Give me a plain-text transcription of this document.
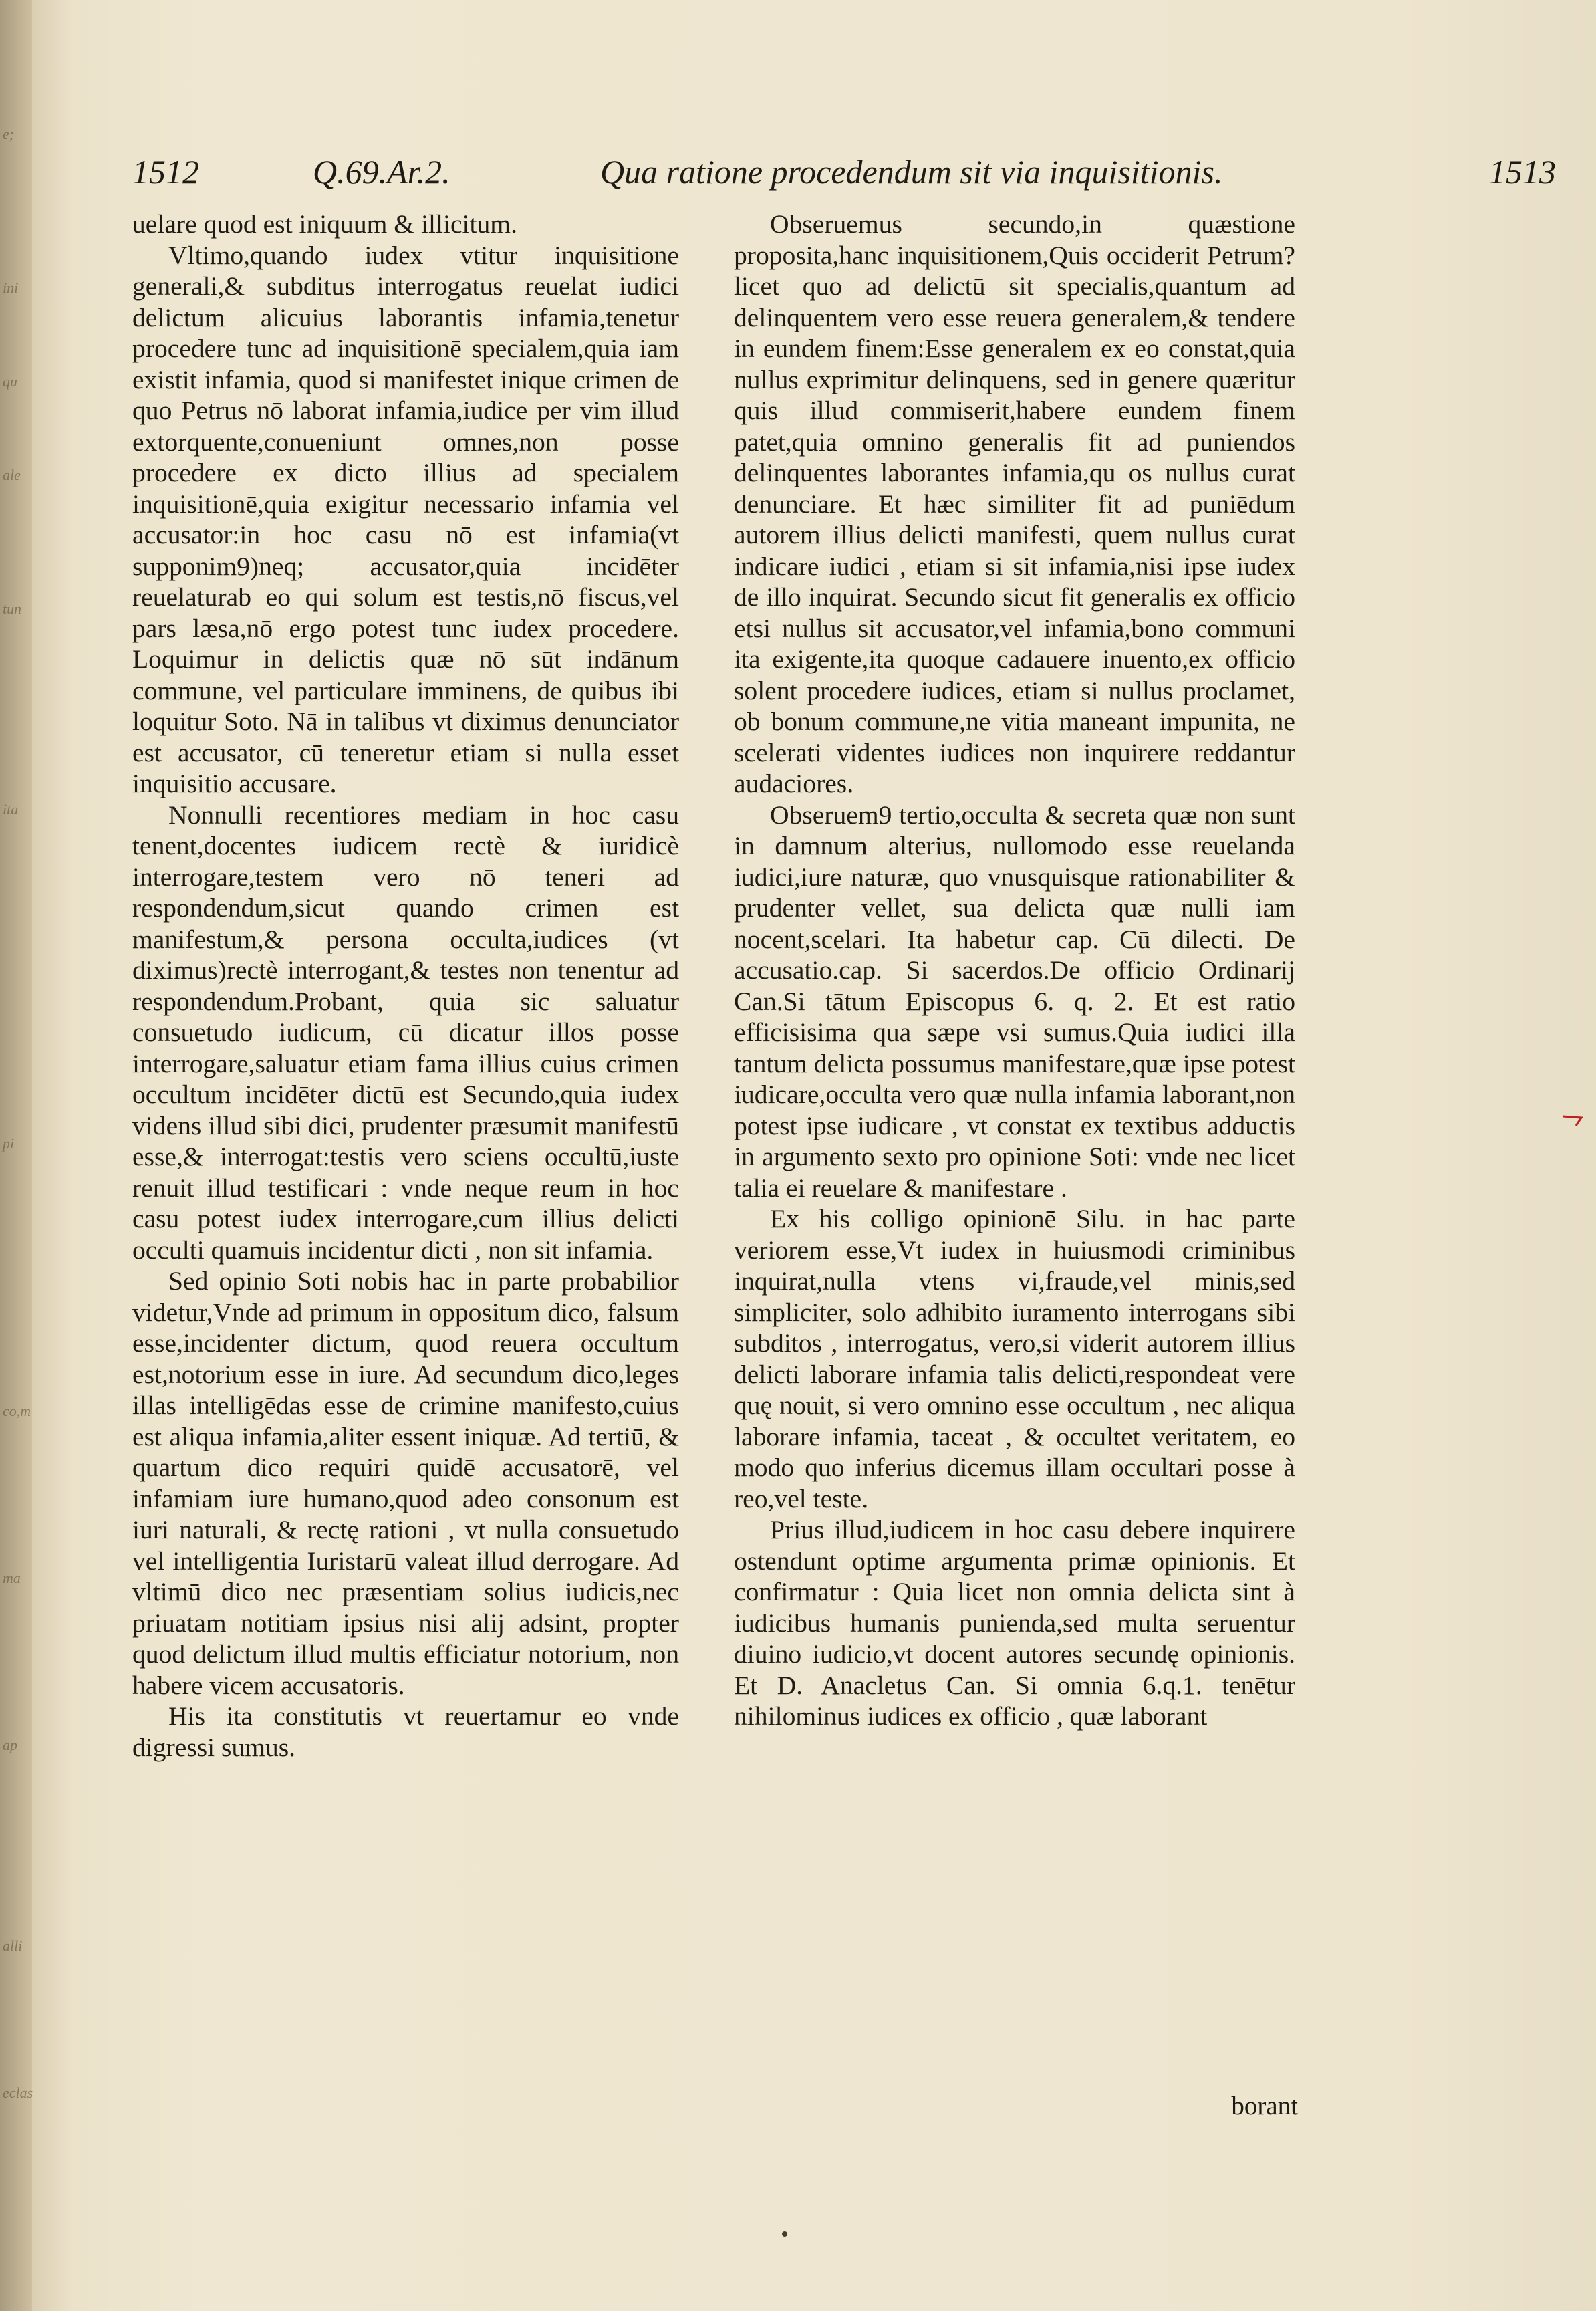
e;
ini
qu
ale
tun
ita
pi
co,m
ma
ap
alli
eclas
1512	Q.69.Ar.2.	Qua ratione procedendum sit via inquisitionis.	1513

uelare quod est iniquum & illicitum.

Vltimo,quando iudex vtitur inquisitione generali,& subditus interrogatus reuelat iudici delictum alicuius laborantis infamia,tenetur procedere tunc ad inquisitionē specialem,quia iam existit infamia, quod si manifestet inique crimen de quo Petrus nō laborat infamia,iudice per vim illud extorquente,conueniunt omnes,non posse procedere ex dicto illius ad specialem inquisitionē,quia exigitur necessario infamia vel accusator:in hoc casu nō est infamia(vt supponim9)neq; accusator,quia incidēter reuelaturab eo qui solum est testis,nō fiscus,vel pars læsa,nō ergo potest tunc iudex procedere. Loquimur in delictis quæ nō sūt indānum commune, vel particulare imminens, de quibus ibi loquitur Soto. Nā in talibus vt diximus denunciator est accusator, cū teneretur etiam si nulla esset inquisitio accusare.

Nonnulli recentiores mediam in hoc casu tenent,docentes iudicem rectè & iuridicè interrogare,testem vero nō teneri ad respondendum,sicut quando crimen est manifestum,& persona occulta,iudices (vt diximus)rectè interrogant,& testes non tenentur ad respondendum.Probant, quia sic saluatur consuetudo iudicum, cū dicatur illos posse interrogare,saluatur etiam fama illius cuius crimen occultum incidēter dictū est Secundo,quia iudex videns illud sibi dici, prudenter præsumit manifestū esse,& interrogat:testis vero sciens occultū,iuste renuit illud testificari : vnde neque reum in hoc casu potest iudex interrogare,cum illius delicti occulti quamuis incidentur dicti , non sit infamia.

Sed opinio Soti nobis hac in parte probabilior videtur,Vnde ad primum in oppositum dico, falsum esse,incidenter dictum, quod reuera occultum est,notorium esse in iure. Ad secundum dico,leges illas intelligēdas esse de crimine manifesto,cuius est aliqua infamia,aliter essent iniquæ. Ad tertiū, & quartum dico requiri quidē accusatorē, vel infamiam iure humano,quod adeo consonum est iuri naturali, & rectę rationi , vt nulla consuetudo vel intelligentia Iuristarū valeat illud derrogare. Ad vltimū dico nec præsentiam solius iudicis,nec priuatam notitiam ipsius nisi alij adsint, propter quod delictum illud multis efficiatur notorium, non habere vicem accusatoris.

His ita constitutis vt reuertamur eo vnde digressi sumus.

Obseruemus secundo,in quæstione proposita,hanc inquisitionem,Quis occiderit Petrum?licet quo ad delictū sit specialis,quantum ad delinquentem vero esse reuera generalem,& tendere in eundem finem:Esse generalem ex eo constat,quia nullus exprimitur delinquens, sed in genere quæritur quis illud commiserit,habere eundem finem patet,quia omnino generalis fit ad puniendos delinquentes laborantes infamia,qu os nullus curat denunciare. Et hæc similiter fit ad puniēdum autorem illius delicti manifesti, quem nullus curat indicare iudici , etiam si sit infamia,nisi ipse iudex de illo inquirat. Secundo sicut fit generalis ex officio etsi nullus sit accusator,vel infamia,bono communi ita exigente,ita quoque cadauere inuento,ex officio solent procedere iudices, etiam si nullus proclamet, ob bonum commune,ne vitia maneant impunita, ne scelerati videntes iudices non inquirere reddantur audaciores.

Obseruem9 tertio,occulta & secreta quæ non sunt in damnum alterius, nullomodo esse reuelanda iudici,iure naturæ, quo vnusquisque rationabiliter & prudenter vellet, sua delicta quæ nulli iam nocent,scelari. Ita habetur cap. Cū dilecti. De accusatio.cap. Si sacerdos.De officio Ordinarij Can.Si tātum Episcopus 6. q. 2. Et est ratio efficisisima qua sæpe vsi sumus.Quia iudici illa tantum delicta possumus manifestare,quæ ipse potest iudicare,occulta vero quæ nulla infamia laborant,non potest ipse iudicare , vt constat ex textibus adductis in argumento sexto pro opinione Soti: vnde nec licet talia ei reuelare & manifestare .

Ex his colligo opinionē Silu. in hac parte veriorem esse,Vt iudex in huiusmodi criminibus inquirat,nulla vtens vi,fraude,vel minis,sed simpliciter, solo adhibito iuramento interrogans sibi subditos , interrogatus, vero,si viderit autorem illius delicti laborare infamia talis delicti,respondeat vere quę nouit, si vero omnino esse occultum , nec aliqua laborare infamia, taceat , & occultet veritatem, eo modo quo inferius dicemus illam occultari posse à reo,vel teste.

Prius illud,iudicem in hoc casu debere inquirere ostendunt optime argumenta primæ opinionis. Et confirmatur : Quia licet non omnia delicta sint à iudicibus humanis punienda,sed multa seruentur diuino iudicio,vt docent autores secundę opinionis. Et D. Anacletus Can. Si omnia 6.q.1. tenētur nihilominus iudices ex officio , quæ laborant

borant
